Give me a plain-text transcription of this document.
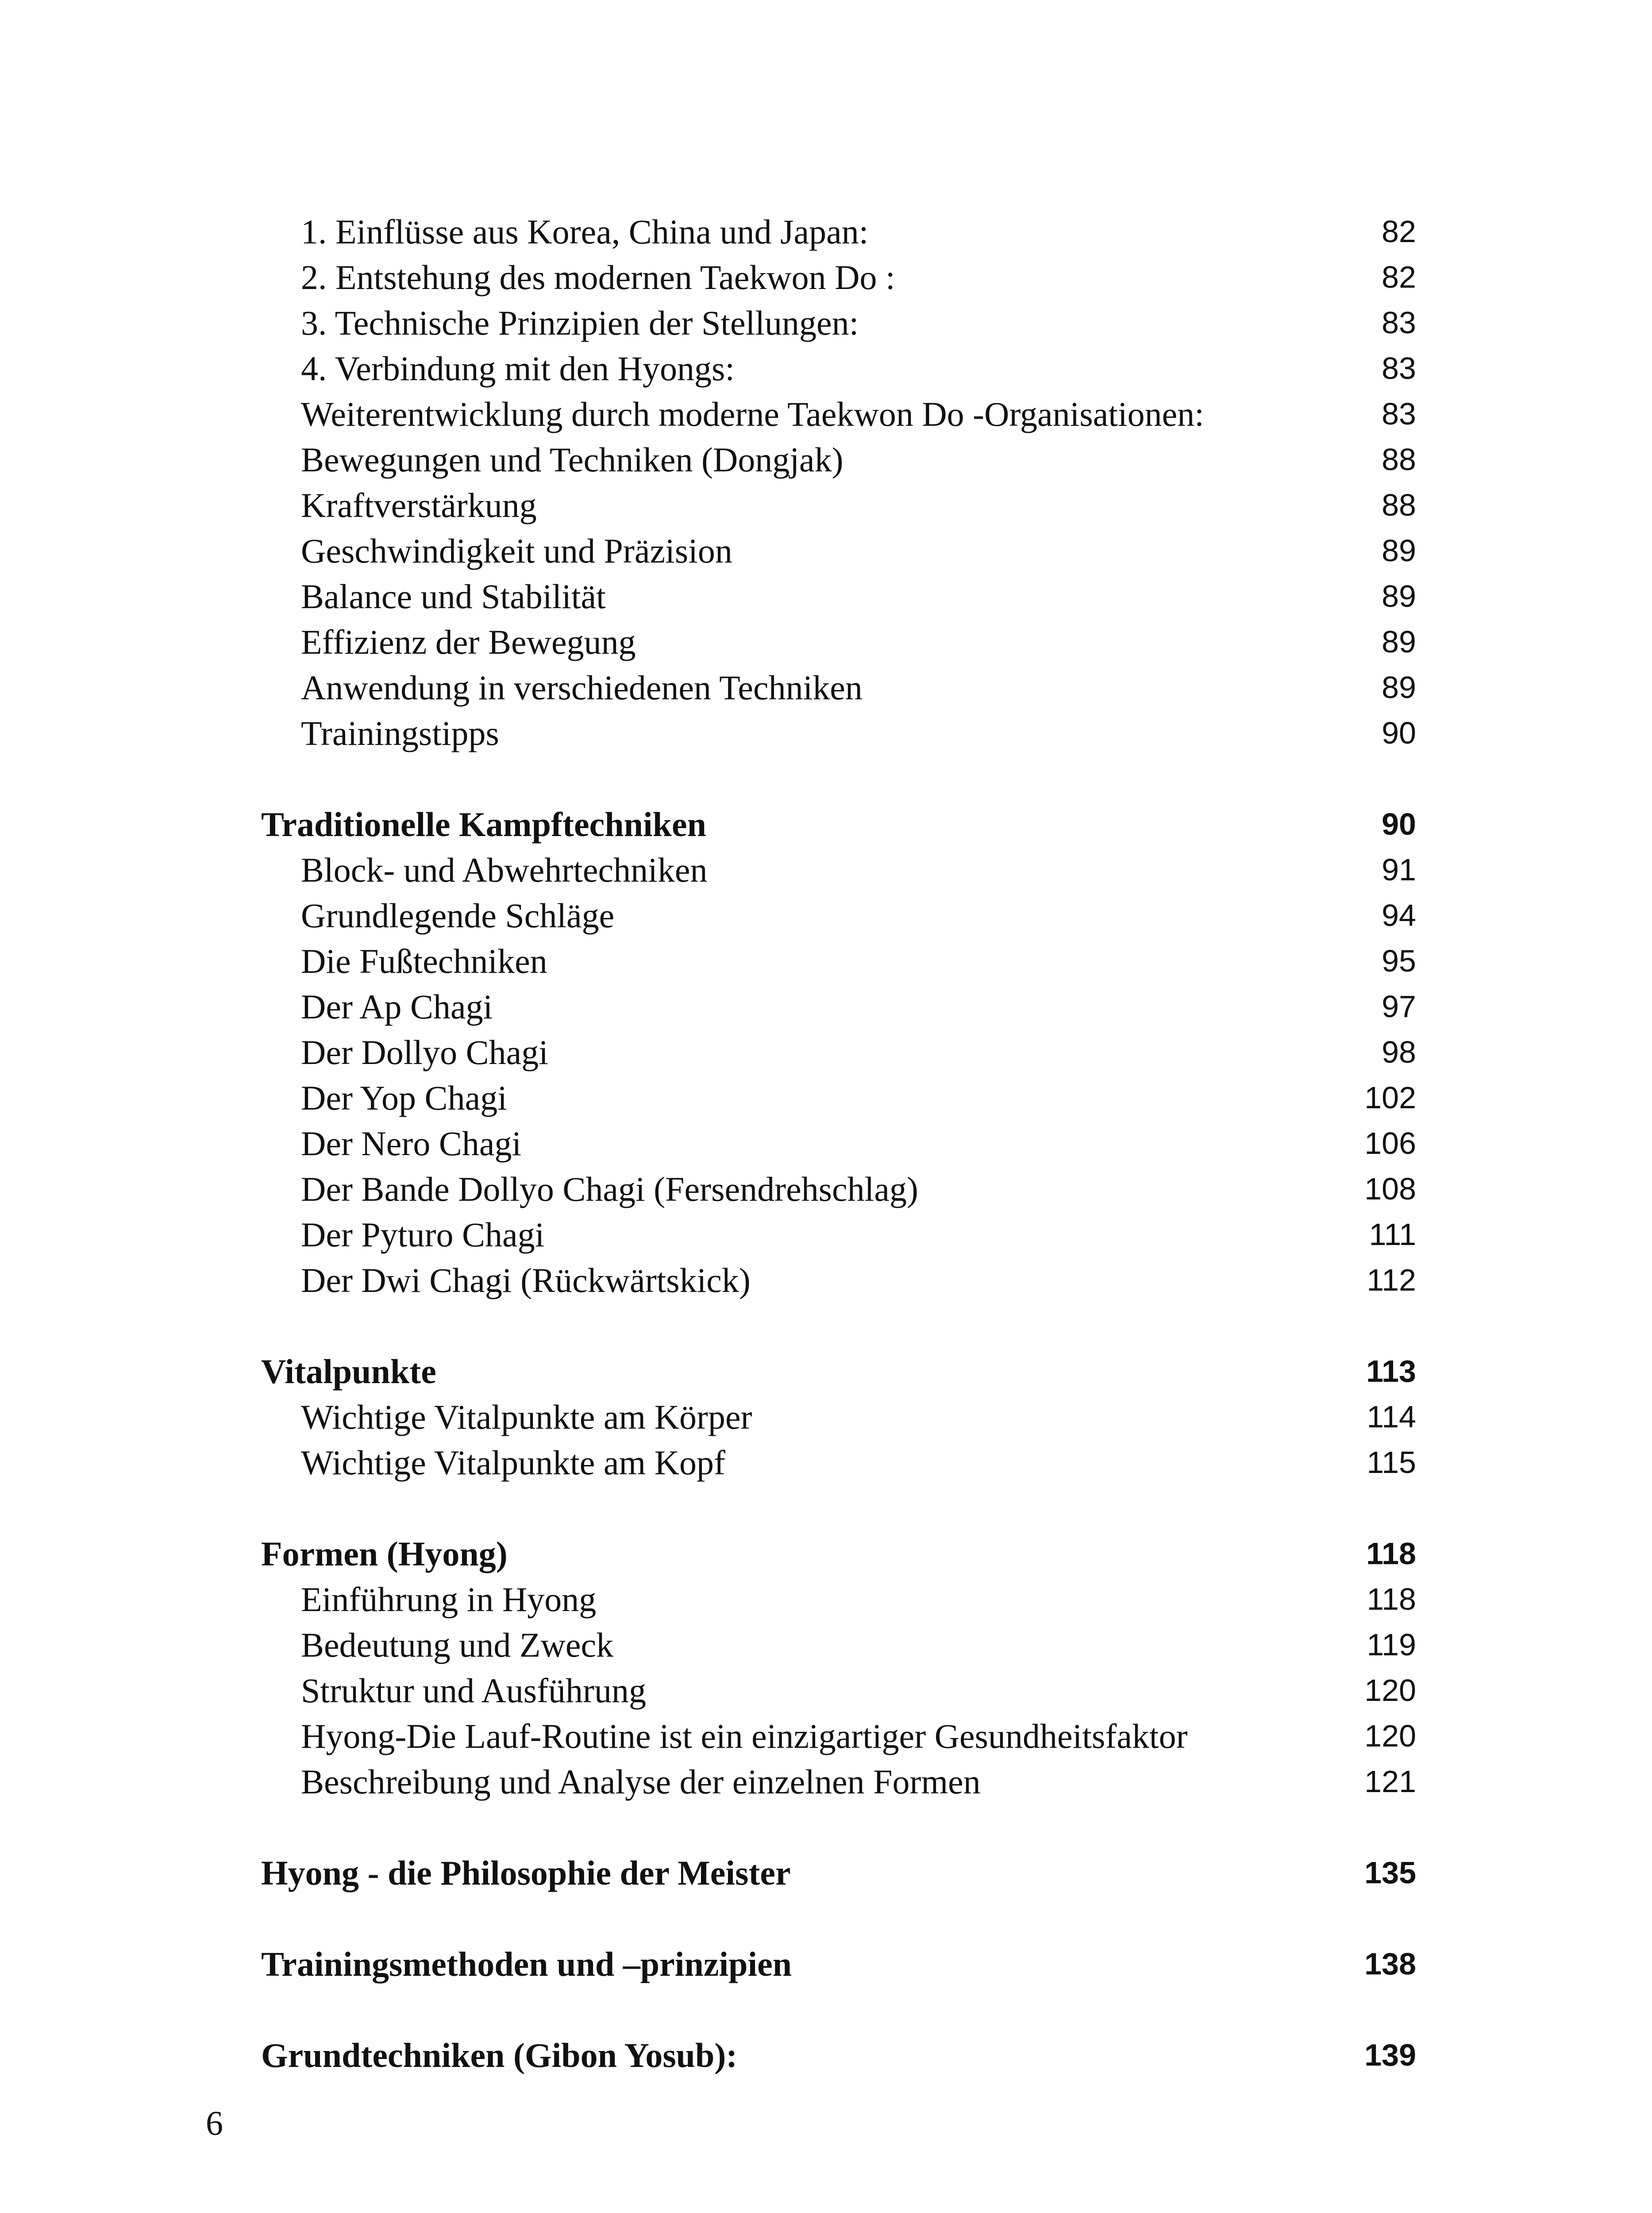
1. Einflüsse aus Korea, China und Japan:	82
2. Entstehung des modernen Taekwon Do :	82
3. Technische Prinzipien der Stellungen:	83
4. Verbindung mit den Hyongs:	83
Weiterentwicklung durch moderne Taekwon Do -Organisationen:	83
Bewegungen und Techniken (Dongjak)	88
Kraftverstärkung	88
Geschwindigkeit und Präzision	89
Balance und Stabilität	89
Effizienz der Bewegung	89
Anwendung in verschiedenen Techniken	89
Trainingstipps	90
Traditionelle Kampftechniken	90
Block- und Abwehrtechniken	91
Grundlegende Schläge	94
Die Fußtechniken	95
Der Ap Chagi	97
Der Dollyo Chagi	98
Der Yop Chagi	102
Der Nero Chagi	106
Der Bande Dollyo Chagi (Fersendrehschlag)	108
Der Pyturo Chagi	111
Der Dwi Chagi (Rückwärtskick)	112
Vitalpunkte	113
Wichtige Vitalpunkte am Körper	114
Wichtige Vitalpunkte am Kopf	115
Formen (Hyong)	118
Einführung in Hyong	118
Bedeutung und Zweck	119
Struktur und Ausführung	120
Hyong-Die Lauf-Routine ist ein einzigartiger Gesundheitsfaktor	120
Beschreibung und Analyse der einzelnen Formen	121
Hyong - die Philosophie der Meister	135
Trainingsmethoden und –prinzipien	138
Grundtechniken (Gibon Yosub):	139
6
